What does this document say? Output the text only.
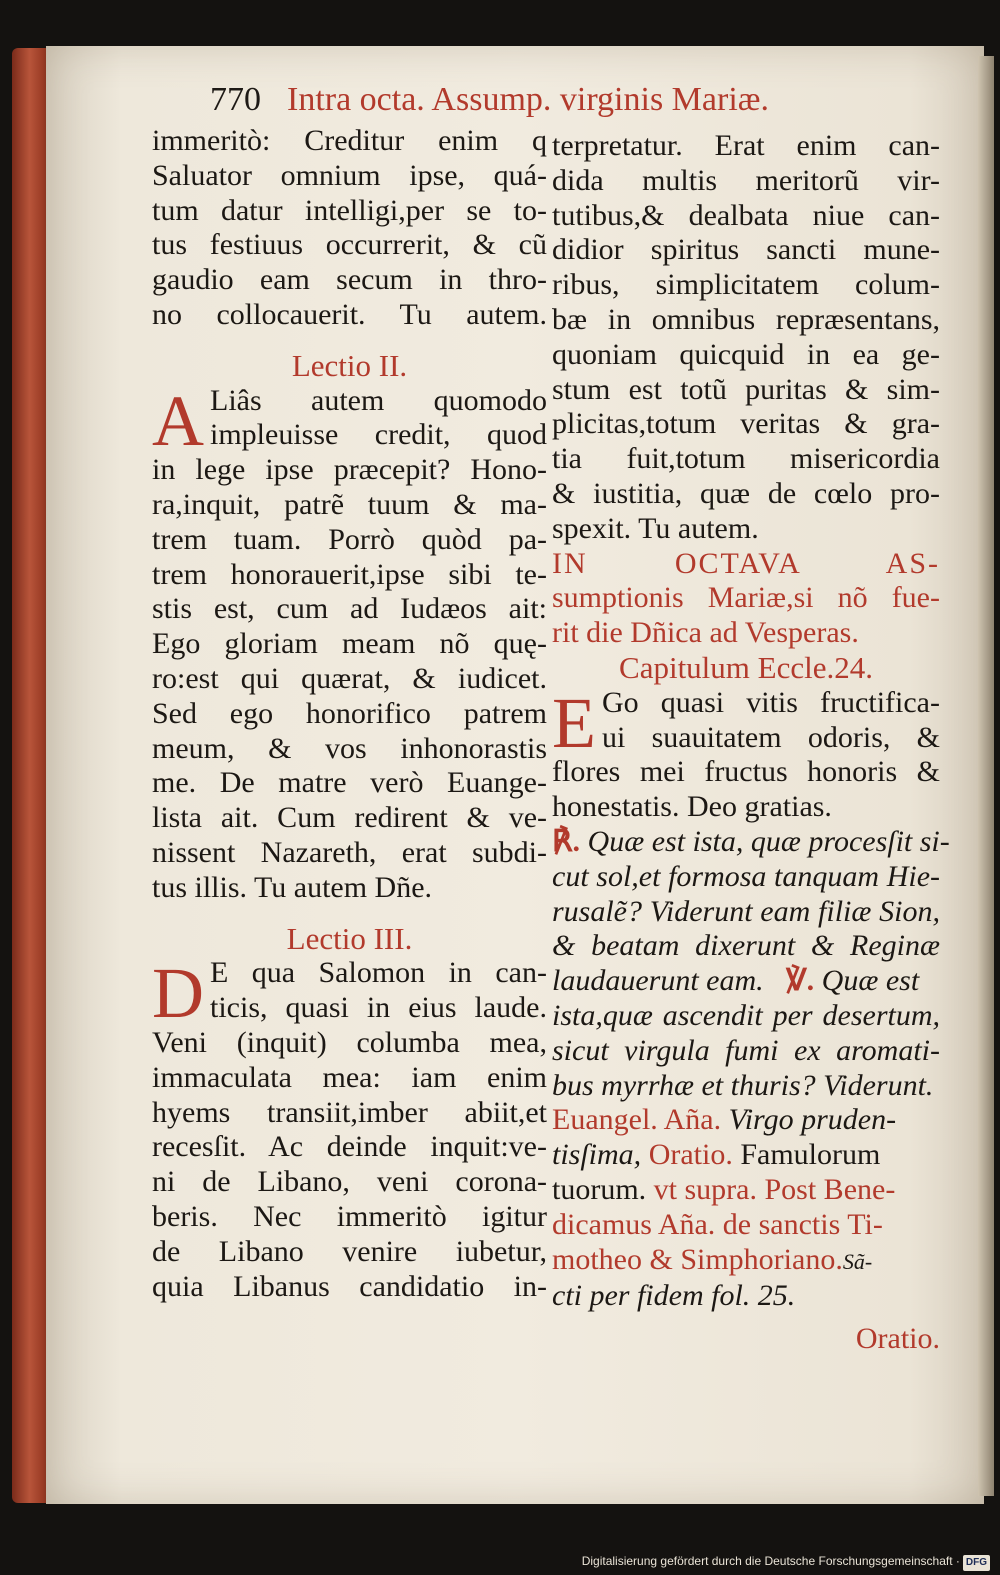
770 Intra octa. Assump. virginis Mariæ.
immeritò: Creditur enim q
Saluator omnium ipse, quá-
tum datur intelligi,per se to-
tus festiuus occurrerit, & cũ
gaudio eam secum in thro-
no collocauerit. Tu autem.
Lectio II.
A Liâs autem quomodo
impleuisse credit, quod
in lege ipse præcepit? Hono-
ra,inquit, patrẽ tuum & ma-
trem tuam. Porrò quòd pa-
trem honorauerit,ipse sibi te-
stis est, cum ad Iudæos ait:
Ego gloriam meam nõ quę-
ro:est qui quærat, & iudicet.
Sed ego honorifico patrem
meum, & vos inhonorastis
me. De matre verò Euange-
lista ait. Cum redirent & ve-
nissent Nazareth, erat subdi-
tus illis. Tu autem Dñe.
Lectio III.
D E qua Salomon in can-
ticis, quasi in eius laude.
Veni (inquit) columba mea,
immaculata mea: iam enim
hyems transiit,imber abiit,et
recesſit. Ac deinde inquit:ve-
ni de Libano, veni corona-
beris. Nec immeritò igitur
de Libano venire iubetur,
quia Libanus candidatio in-
terpretatur. Erat enim can-
dida multis meritorũ vir-
tutibus,& dealbata niue can-
didior spiritus sancti mune-
ribus, simplicitatem colum-
bæ in omnibus repræsentans,
quoniam quicquid in ea ge-
stum est totũ puritas & sim-
plicitas,totum veritas & gra-
tia fuit,totum misericordia
& iustitia, quæ de cœlo pro-
spexit. Tu autem.
IN OCTAVA AS-
sumptionis Mariæ,si nõ fue-
rit die Dñica ad Vesperas.
Capitulum Eccle.24.
E Go quasi vitis fructifica-
ui suauitatem odoris, &
flores mei fructus honoris &
honestatis. Deo gratias.
℟. Quæ est ista, quæ procesſit si-
cut sol,et formosa tanquam Hie-
rusalẽ? Viderunt eam filiæ Sion,
& beatam dixerunt & Reginæ
laudauerunt eam. ℣. Quæ est
ista,quæ ascendit per desertum,
sicut virgula fumi ex aromati-
bus myrrhæ et thuris? Viderunt.
Euangel. Aña. Virgo pruden-
tisſima, Oratio. Famulorum
tuorum. vt supra. Post Bene-
dicamus Aña. de sanctis Ti-
motheo & Simphoriano.Sã-
cti per fidem fol. 25.
Oratio.
Digitalisierung gefördert durch die Deutsche Forschungsgemeinschaft · DFG
